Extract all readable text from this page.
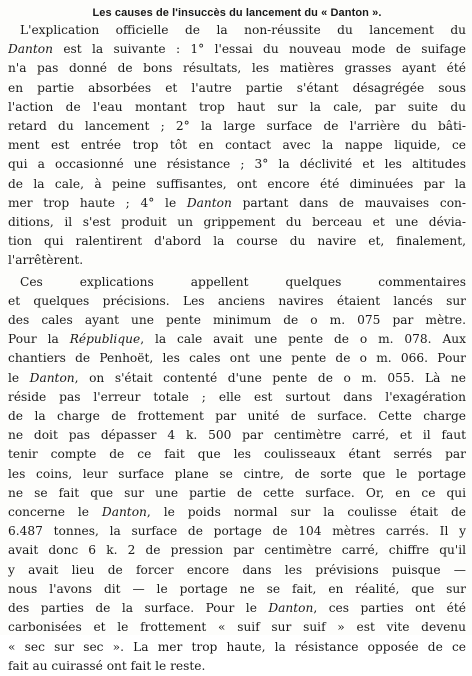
Les causes de l'insuccès du lancement du « Danton ».
L'explication officielle de la non-réussite du lancement du
Danton est la suivante : 1° l'essai du nouveau mode de suifage
n'a pas donné de bons résultats, les matières grasses ayant été
en partie absorbées et l'autre partie s'étant désagrégée sous
l'action de l'eau montant trop haut sur la cale, par suite du
retard du lancement ; 2° la large surface de l'arrière du bâti-
ment est entrée trop tôt en contact avec la nappe liquide, ce
qui a occasionné une résistance ; 3° la déclivité et les altitudes
de la cale, à peine suffisantes, ont encore été diminuées par la
mer trop haute ; 4° le Danton partant dans de mauvaises con-
ditions, il s'est produit un grippement du berceau et une dévia-
tion qui ralentirent d'abord la course du navire et, finalement,
l'arrêtèrent.
Ces explications appellent quelques commentaires
et quelques précisions. Les anciens navires étaient lancés sur
des cales ayant une pente minimum de o m. 075 par mètre.
Pour la République, la cale avait une pente de o m. 078. Aux
chantiers de Penhoët, les cales ont une pente de o m. 066. Pour
le Danton, on s'était contenté d'une pente de o m. 055. Là ne
réside pas l'erreur totale ; elle est surtout dans l'exagération
de la charge de frottement par unité de surface. Cette charge
ne doit pas dépasser 4 k. 500 par centimètre carré, et il faut
tenir compte de ce fait que les coulisseaux étant serrés par
les coins, leur surface plane se cintre, de sorte que le portage
ne se fait que sur une partie de cette surface. Or, en ce qui
concerne le Danton, le poids normal sur la coulisse était de
6.487 tonnes, la surface de portage de 104 mètres carrés. Il y
avait donc 6 k. 2 de pression par centimètre carré, chiffre qu'il
y avait lieu de forcer encore dans les prévisions puisque —
nous l'avons dit — le portage ne se fait, en réalité, que sur
des parties de la surface. Pour le Danton, ces parties ont été
carbonisées et le frottement « suif sur suif » est vite devenu
« sec sur sec ». La mer trop haute, la résistance opposée de ce
fait au cuirassé ont fait le reste.
